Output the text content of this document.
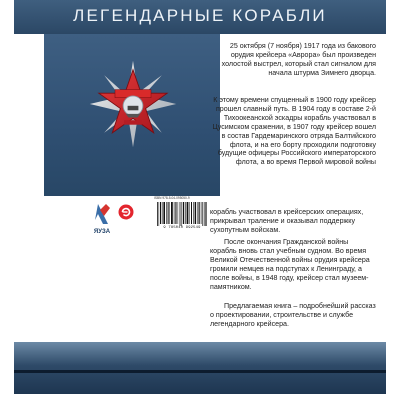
ЛЕГЕНДАРНЫЕ КОРАБЛИ

25 октября (7 ноября) 1917 года из бакового орудия крейсера «Аврора» был произведен холостой выстрел, который стал сигналом для начала штурма Зимнего дворца.

К этому времени спущенный в 1900 году крейсер прошел славный путь. В 1904 году в составе 2-й Тихоокеанской эскадры корабль участвовал в Цусимском сражении, в 1907 году крейсер вошел в состав Гардемаринского отряда Балтийского флота, и на его борту проходили подготовку будущие офицеры Российского императорского флота, а во время Первой мировой войны

ЯУЗА
ISBN 978-5-04-095050-9
9 785040 992549

корабль участвовал в крейсерских операциях, прикрывал траление и оказывал поддержку сухопутным войскам.

После окончания Гражданской войны корабль вновь стал учебным судном. Во время Великой Отечественной войны орудия крейсера громили немцев на подступах к Ленинграду, а после войны, в 1948 году, крейсер стал музеем-памятником.

Предлагаемая книга – подробнейший рассказ о проектировании, строительстве и службе легендарного крейсера.
